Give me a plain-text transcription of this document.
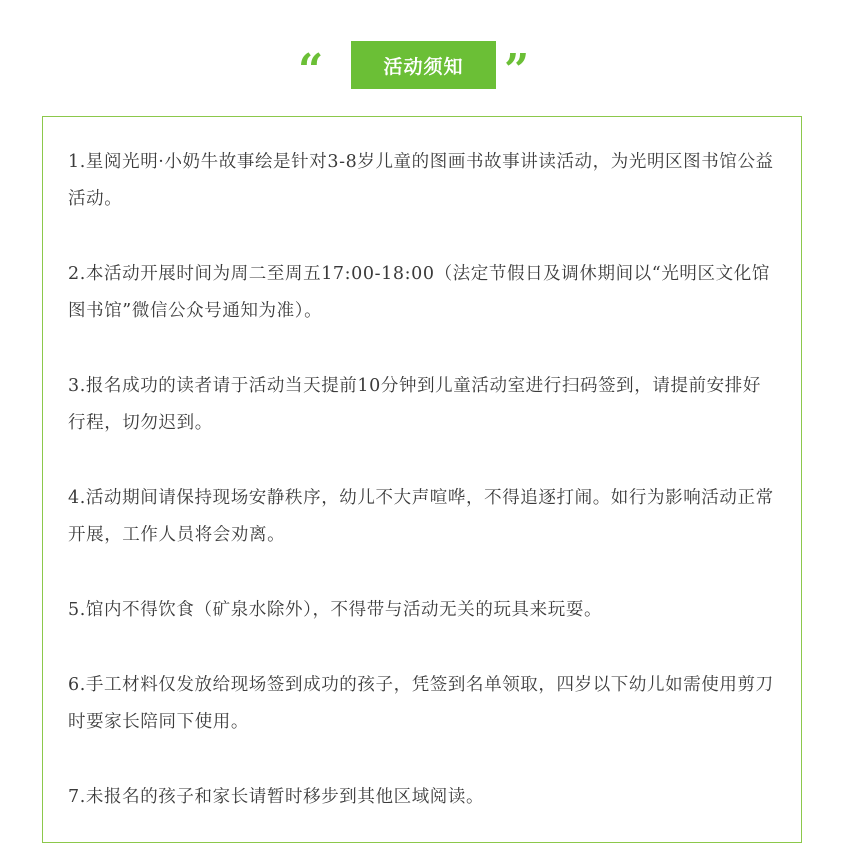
“	活动须知 ”

1.星阅光明·小奶牛故事绘是针对3-8岁儿童的图画书故事讲读活动，为光明区图书馆公益活动。

2.本活动开展时间为周二至周五17:00-18:00（法定节假日及调休期间以“光明区文化馆图书馆”微信公众号通知为准）。

3.报名成功的读者请于活动当天提前10分钟到儿童活动室进行扫码签到，请提前安排好行程，切勿迟到。

4.活动期间请保持现场安静秩序，幼儿不大声喧哗，不得追逐打闹。如行为影响活动正常开展，工作人员将会劝离。

5.馆内不得饮食（矿泉水除外），不得带与活动无关的玩具来玩耍。

6.手工材料仅发放给现场签到成功的孩子，凭签到名单领取，四岁以下幼儿如需使用剪刀时要家长陪同下使用。

7.未报名的孩子和家长请暂时移步到其他区域阅读。
